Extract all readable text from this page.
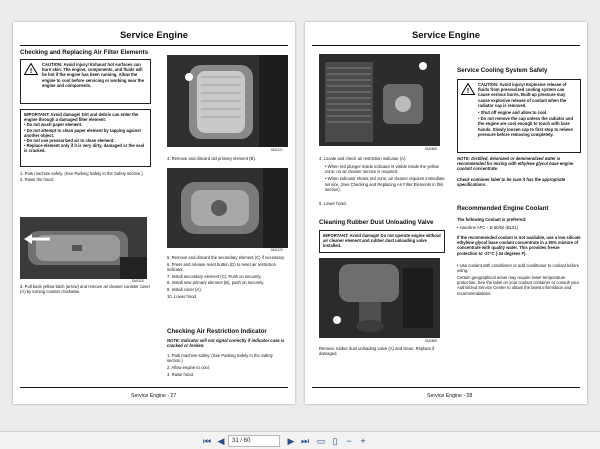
Service Engine
Checking and Replacing Air Filter Elements
!
CAUTION: Avoid injury! Exhaust hot surfaces can burn skin. The engine, components, and fluids will be hot if the engine has been running. Allow the engine to cool before servicing or working near the engine and components.
IMPORTANT: Avoid damage! Dirt and debris can enter the engine through a damaged filter element:
• Do not wash paper element.
• Do not attempt to clean paper element by tapping against another object.
• Do not use pressurized air to clean element.
• Replace element only if it is very dirty, damaged or the seal is cracked.
1. Park machine safely. (See Parking Safely in the Safety section.)
2. Raise the hood.
DM1118
3. Pull back yellow latch (arrow) and remove air cleaner canister cover (A) by turning counter clockwise.
DM1121
4. Remove and discard old primary element (B).
DM1120
5. Remove and discard the secondary element (C) if necessary.
6. Press and release reset button (D) to reset air restriction indicator.
7. Install secondary element (C). Push on securely.
8. Install new primary element (B), push on securely.
9. Install cover (A).
10. Lower hood.
Checking Air Restriction Indicator
NOTE: Indicator will not signal correctly if indicator case is cracked or broken.
1. Park machine safely. (See Parking Safely in the Safety section.)
2. Allow engine to cool.
3. Raise hood.
Service Engine - 27
Service Engine
DM2805
4. Locate and check air restriction indicator (A).
• When red plunger inside indicator is visible inside the yellow zone, no air cleaner service is required.
• When indicator shows red zone, air cleaner requires immediate service. (See Checking and Replacing Air Filter Elements in this section).
5. Lower hood.
Cleaning Rubber Dust Unloading Valve
IMPORTANT: Avoid damage! Do not operate engine without air cleaner element and rubber dust unloading valve installed.
DM2869
Remove rubber dust unloading valve (A) and clean. Replace if damaged.
Service Cooling System Safely
!
CAUTION: Avoid injury! Explosive release of fluids from pressurized cooling system can cause serious burns. Built-up pressure may cause explosive release of coolant when the radiator cap is removed.
• Shut off engine and allow to cool.
• Do not remove the cap unless the radiator and the engine are cool enough to touch with bare hands. Slowly loosen cap to first stop to relieve pressure before removing completely.
NOTE: Distilled, deionized or demineralized water is recommended for mixing with ethylene glycol base engine coolant concentrate.
Check container label to be sure it has the appropriate specifications.
Recommended Engine Coolant
The following Coolant is preferred:
• Havoline AFC – B 50/50 (BL01)
If the recommended coolant is not available, use a low silicate ethylene glycol base coolant concentrate in a 50% mixture of concentrate with quality water. This provides freeze protection to -37°C (-34 degrees F).
• Use coolant with conditioner or add conditioner to coolant before using.
Certain geographical areas may require lower temperature protection. See the label on your coolant container or consult your Authorized Service Center to obtain the latest information and recommendations.
Service Engine - 28
⏮ ◀	31 / 60	▶ ⏭ ▭ ▯ − +
